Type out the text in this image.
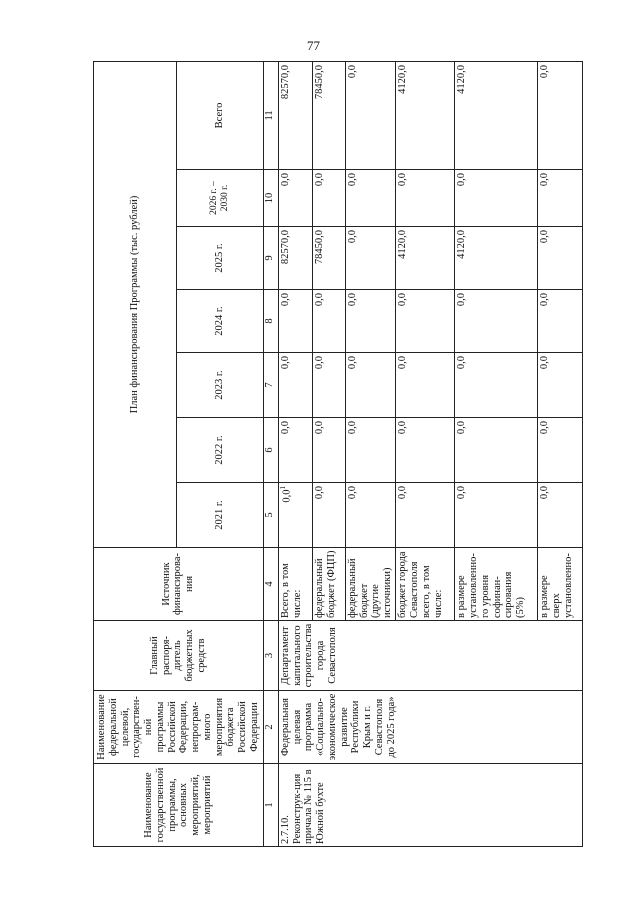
77
Наименование государственной программы, основных мероприятий, мероприятий	Наименование федеральной целевой, государствен-ной программы Российской Федерации, непрограм-много мероприятия бюджета Российской Федерации	Главный распоря-дитель бюджетных средств	Источник финансирова-ния	План финансирования Программы (тыс. рублей)						
				2021 г.	2022 г.	2023 г.	2024 г.	2025 г.	2026 г. – 2030 г.	Всего
1	2	3	4	5	6	7	8	9	10	11
2.7.10. Реконструк-ция причала № 115 в Южной бухте	Федеральная целевая программа «Социально-экономическое развитие Республики Крым и г. Севастополя до 2025 года»	Департамент капитального строительства города Севастополя	Всего, в том числе:	$0,0^1$	0,0	0,0	0,0	82570,0	0,0	82570,0
			федеральный бюджет (ФЦП)	0,0	0,0	0,0	0,0	78450,0	0,0	78450,0
			федеральный бюджет (другие источники)	0,0	0,0	0,0	0,0	0,0	0,0	0,0
			бюджет города Севастополя всего, в том числе:	0,0	0,0	0,0	0,0	4120,0	0,0	4120,0
			в размере установленно-го уровня софинан-сирования (5%)	0,0	0,0	0,0	0,0	4120,0	0,0	4120,0
			в размере сверх установленно-	0,0	0,0	0,0	0,0	0,0	0,0	0,0
